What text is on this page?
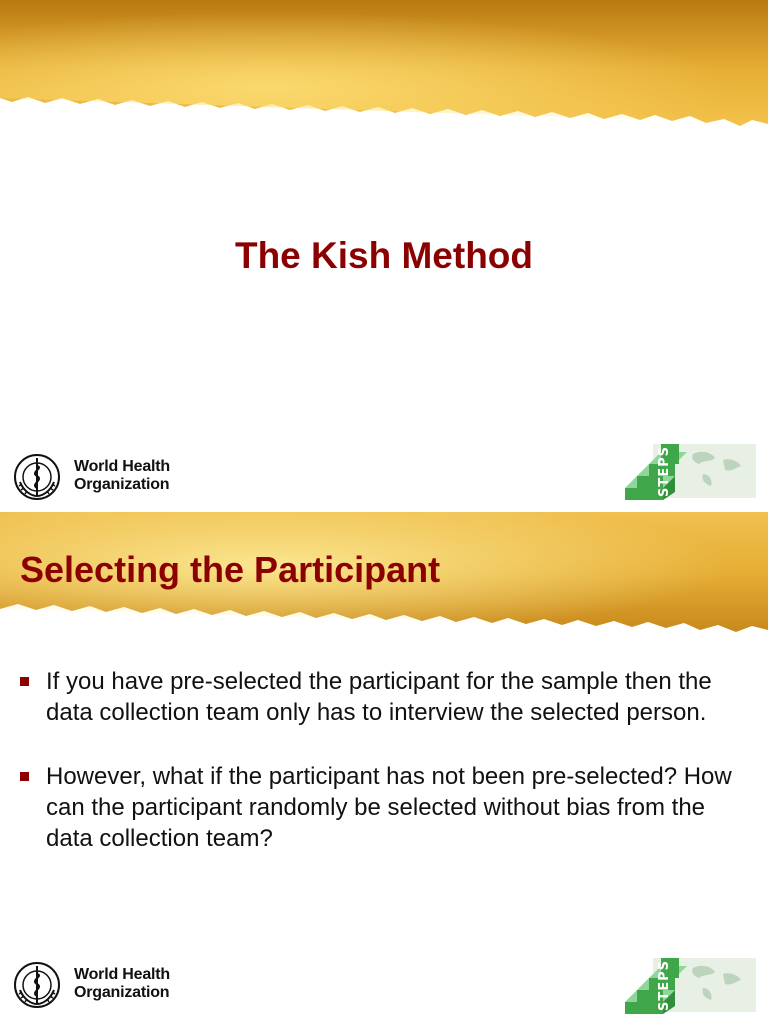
The Kish Method
World Health
Organization	STEPS
Selecting the Participant
If you have pre-selected the participant for the sample then the data collection team only has to interview the selected person.
However, what if the participant has not been pre-selected? How can the participant randomly be selected without bias from the data collection team?
World Health
Organization	STEPS
